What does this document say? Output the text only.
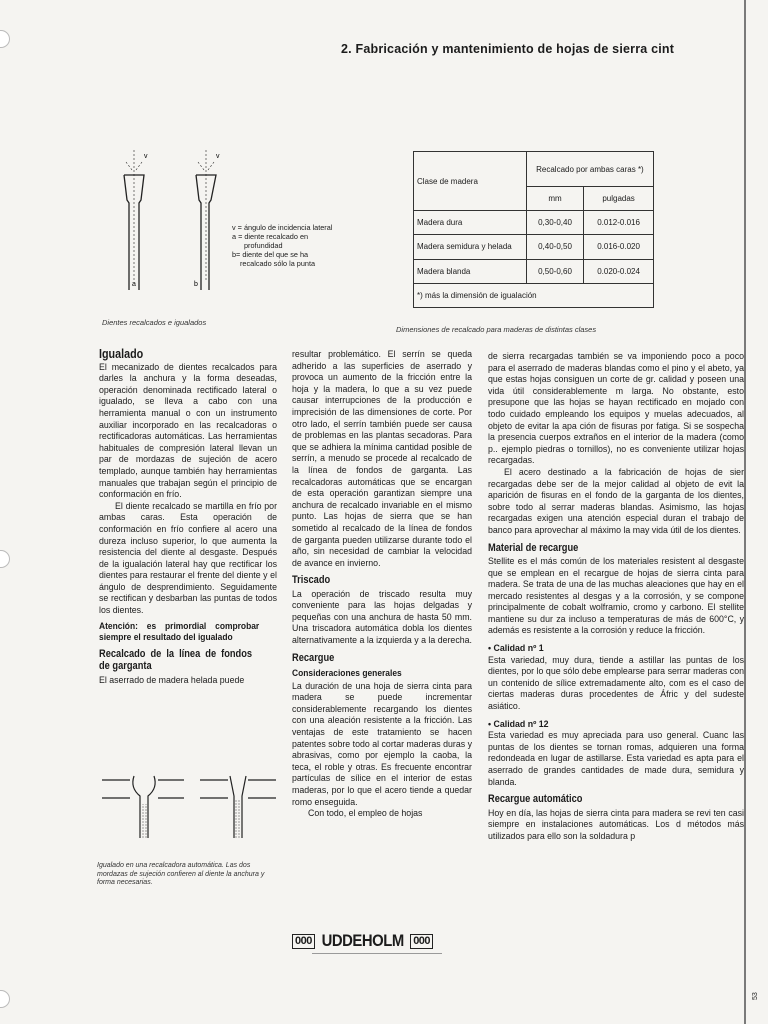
2. Fabricación y mantenimiento de hojas de sierra cint
v	v
a	b
v = ángulo de incidencia lateral
a = diente recalcado en
profundidad
b= diente del que se ha
recalcado sólo la punta
Dientes recalcados e igualados
Clase de madera	Recalcado por ambas caras *)	
	mm	pulgadas
Madera dura	0,30-0,40	0.012-0.016
Madera semidura y helada	0,40-0,50	0.016-0.020
Madera blanda	0,50-0,60	0.020-0.024
*) más la dimensión de igualación		
Dimensiones de recalcado para maderas de distintas clases
Igualado

El mecanizado de dientes recalcados para darles la anchura y la forma deseadas, operación denominada rectificado lateral o igualado, se lleva a cabo con una herramienta manual o con un instrumento auxiliar incorporado en las recalcadoras o rectificadoras automáticas. Las herramientas habituales de compresión lateral llevan un par de mordazas de sujeción de acero templado, aunque también hay herramientas manuales que trabajan según el principio de conformación en frío.

El diente recalcado se martilla en frío por ambas caras. Esta operación de conformación en frío confiere al acero una dureza incluso superior, lo que aumenta la resistencia del diente al desgaste. Después de la igualación lateral hay que rectificar los dientes para restaurar el frente del diente y el ángulo de desprendimiento. Seguidamente se rectifican y desbarban las puntas de todos los dientes.

Atención: es primordial comprobar siempre el resultado del igualado
Recalcado de la línea de fondos de garganta

El aserrado de madera helada puede

Igualado en una recalcadora automática. Las dos mordazas de sujeción confieren al diente la anchura y forma necesarias.

resultar problemático. El serrín se queda adherido a las superficies de aserrado y provoca un aumento de la fricción entre la hoja y la madera, lo que a su vez puede causar interrupciones de la producción e imprecisión de las dimensiones de corte. Por otro lado, el serrín también puede ser causa de problemas en las plantas secadoras. Para que se adhiera la mínima cantidad posible de serrín, a menudo se procede al recalcado de la línea de fondos de garganta. Las recalcadoras automáticas que se encargan de esta operación garantizan siempre una anchura de recalcado invariable en el mismo punto. Las hojas de sierra que se han sometido al recalcado de la línea de fondos de garganta pueden utilizarse durante todo el año, sin necesidad de cambiar la velocidad de avance en invierno.

Triscado

La operación de triscado resulta muy conveniente para las hojas delgadas y pequeñas con una anchura de hasta 50 mm. Una triscadora automática dobla los dientes alternativamente a la izquierda y a la derecha.

Recargue
Consideraciones generales

La duración de una hoja de sierra cinta para madera se puede incrementar considerablemente recargando los dientes con una aleación resistente a la fricción. Las ventajas de este tratamiento se hacen patentes sobre todo al cortar maderas duras y abrasivas, como por ejemplo la caoba, la teca, el roble y otras. Es frecuente encontrar partículas de sílice en el interior de estas maderas, por lo que el acero tiende a quedar romo enseguida.

Con todo, el empleo de hojas

de sierra recargadas también se va imponiendo poco a poco para el aserrado de maderas blandas como el pino y el abeto, ya que estas hojas consiguen un corte de gr. calidad y poseen una vida útil considerablemente m larga. No obstante, esto presupone que las hojas se hayan rectificado en mojado con todo cuidado empleando los equipos y muelas adecuados, al objeto de evitar la apa ción de fisuras por fatiga. Si se sospecha la presencia cuerpos extraños en el interior de la madera (como p.. ejemplo piedras o tornillos), no es conveniente utilizar hojas recargadas.

El acero destinado a la fabricación de hojas de sier recargadas debe ser de la mejor calidad al objeto de evit la aparición de fisuras en el fondo de la garganta de los dientes, sobre todo al serrar maderas blandas. Asimismo, las hojas recargadas exigen una atención especial duran el trabajo de banco para aprovechar al máximo la may vida útil de los dientes.

Material de recargue

Stellite es el más común de los materiales resistent al desgaste que se emplean en el recargue de hojas de sierra cinta para madera. Se trata de una de las muchas aleaciones que hay en el mercado resistentes al desgas y a la corrosión, y se compone principalmente de cobalt wolframio, cromo y carbono. El stellite mantiene su dur za incluso a temperaturas de más de 600°C, y además es resistente a la corrosión y reduce la fricción.

• Calidad nº 1

Esta variedad, muy dura, tiende a astillar las puntas de los dientes, por lo que sólo debe emplearse para serrar maderas con un contenido de sílice extremadamente alto, com es el caso de ciertas maderas duras procedentes de Áfric y del sudeste asiático.

• Calidad nº 12

Esta variedad es muy apreciada para uso general. Cuanc las puntas de los dientes se tornan romas, adquieren una forma redondeada en lugar de astillarse. Esta variedad es apta para el aserrado de grandes cantidades de made dura, semidura y blanda.

Recargue automático

Hoy en día, las hojas de sierra cinta para madera se revi ten casi siempre en instalaciones automáticas. Los d métodos más utilizados para ello son la soldadura p

000 UDDEHOLM 000
53
